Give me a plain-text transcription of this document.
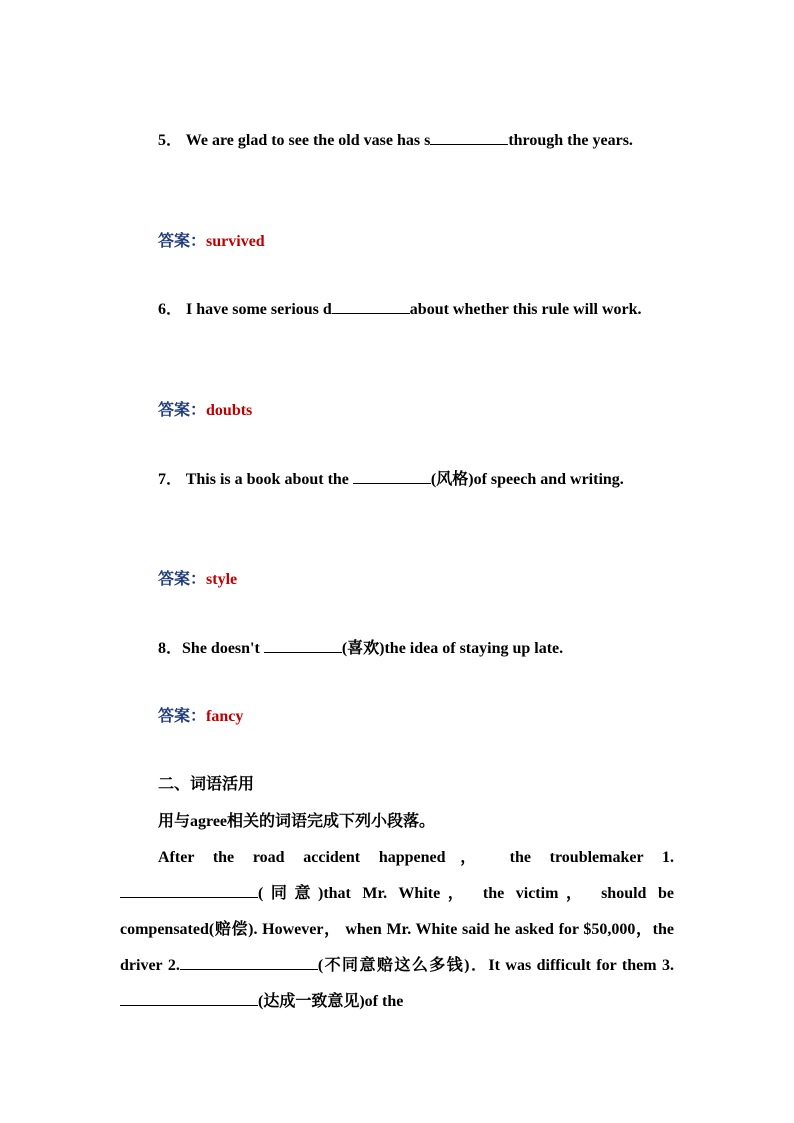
5． We are glad to see the old vase has s	through the years.
答案：survived
6． I have some serious d	about whether this rule will work.
答案：doubts
7． This is a book about the	(风格)of speech and writing.
答案：style
8．She doesn't	(喜欢)the idea of staying up late.
答案：fancy
二、词语活用
用与agree相关的词语完成下列小段落。
After the road accident happened， the troublemaker 1.(同意)that Mr. White， the victim， should be compensated(赔偿). However， when Mr. White said he asked for $50,000，the driver 2.	(不同意赔这么多钱)．It was difficult for them 3.(达成一致意见)of the
